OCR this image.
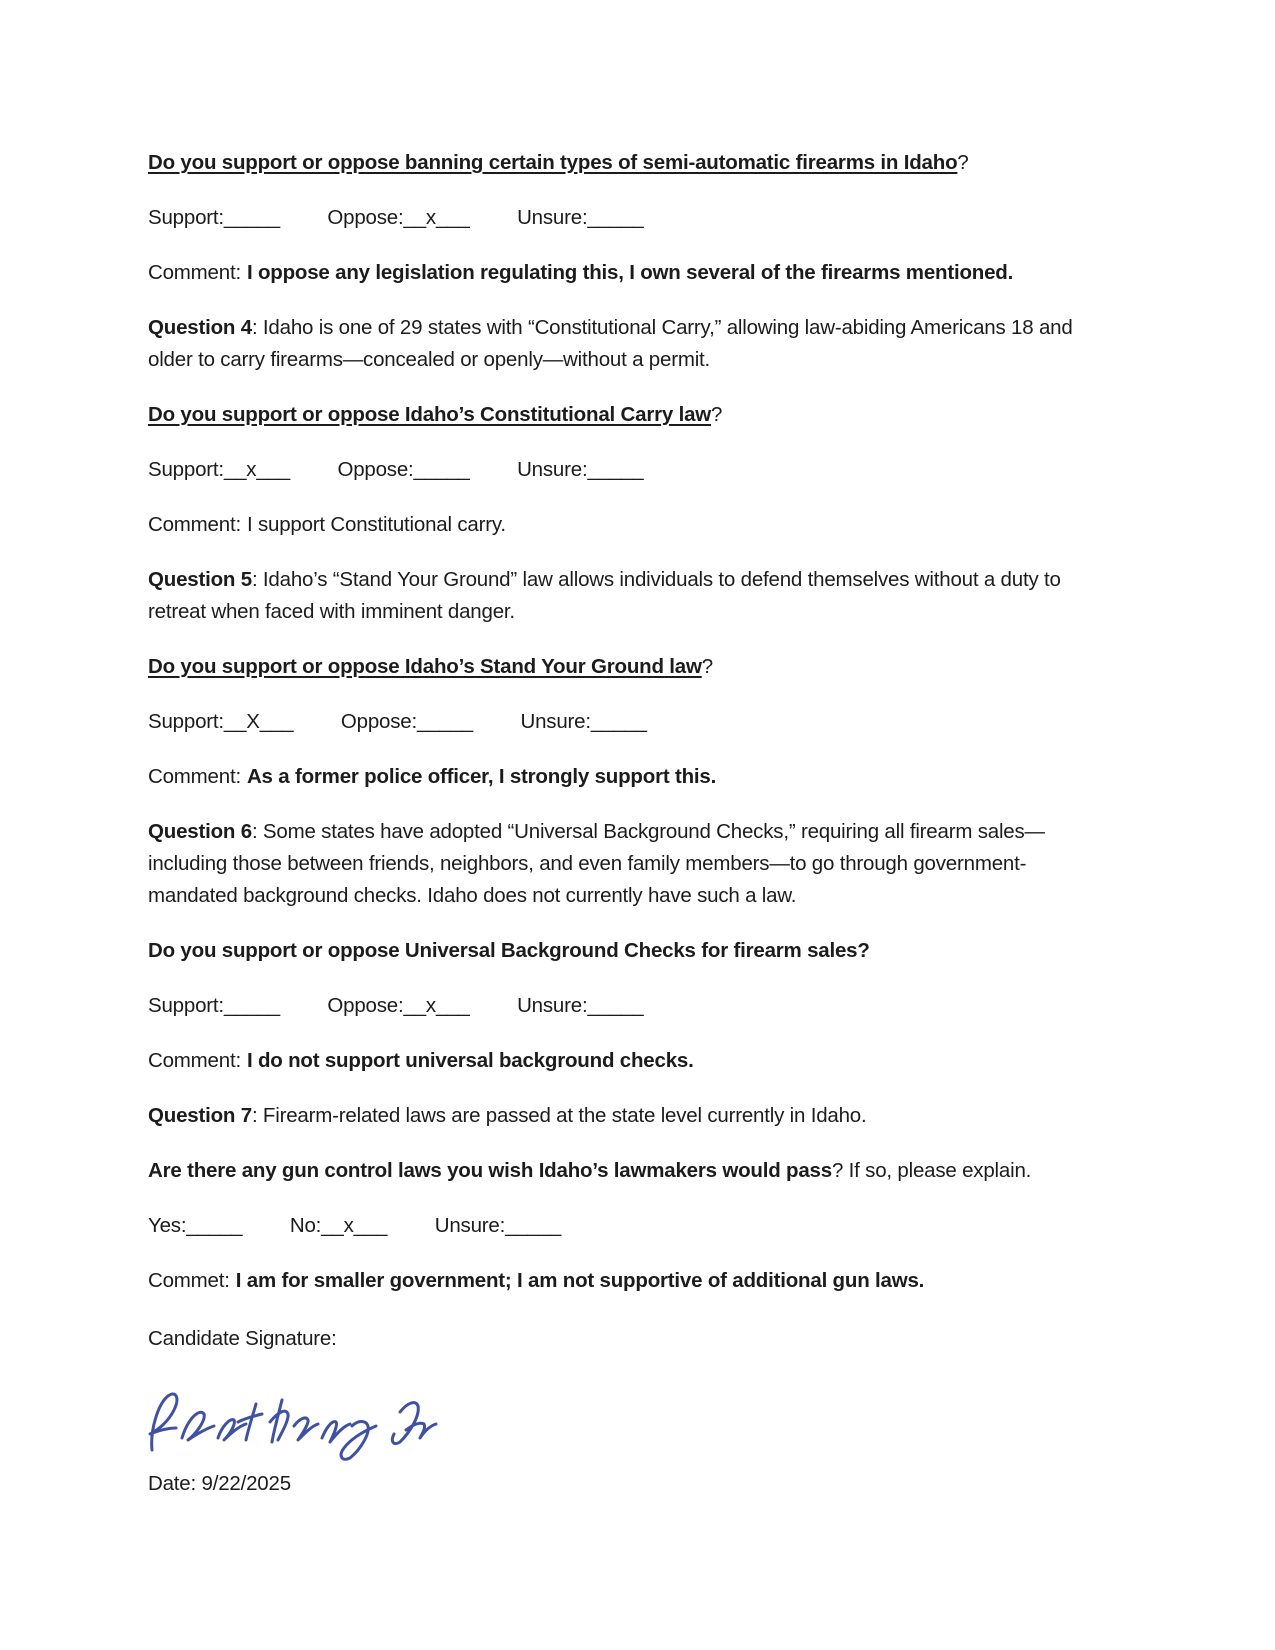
Do you support or oppose banning certain types of semi-automatic firearms in Idaho?

Support:_____ Oppose:__x___ Unsure:_____

Comment: I oppose any legislation regulating this, I own several of the firearms mentioned.

Question 4: Idaho is one of 29 states with “Constitutional Carry,” allowing law-abiding Americans 18 and older to carry firearms—concealed or openly—without a permit.

Do you support or oppose Idaho’s Constitutional Carry law?

Support:__x___ Oppose:_____ Unsure:_____

Comment: I support Constitutional carry.

Question 5: Idaho’s “Stand Your Ground” law allows individuals to defend themselves without a duty to retreat when faced with imminent danger.

Do you support or oppose Idaho’s Stand Your Ground law?

Support:__X___ Oppose:_____ Unsure:_____

Comment: As a former police officer, I strongly support this.

Question 6: Some states have adopted “Universal Background Checks,” requiring all firearm sales—including those between friends, neighbors, and even family members—to go through government-mandated background checks. Idaho does not currently have such a law.

Do you support or oppose Universal Background Checks for firearm sales?

Support:_____ Oppose:__x___ Unsure:_____

Comment: I do not support universal background checks.

Question 7: Firearm-related laws are passed at the state level currently in Idaho.

Are there any gun control laws you wish Idaho’s lawmakers would pass? If so, please explain.

Yes:_____ No:__x___ Unsure:_____

Commet: I am for smaller government; I am not supportive of additional gun laws.

Candidate Signature:

Date: 9/22/2025
